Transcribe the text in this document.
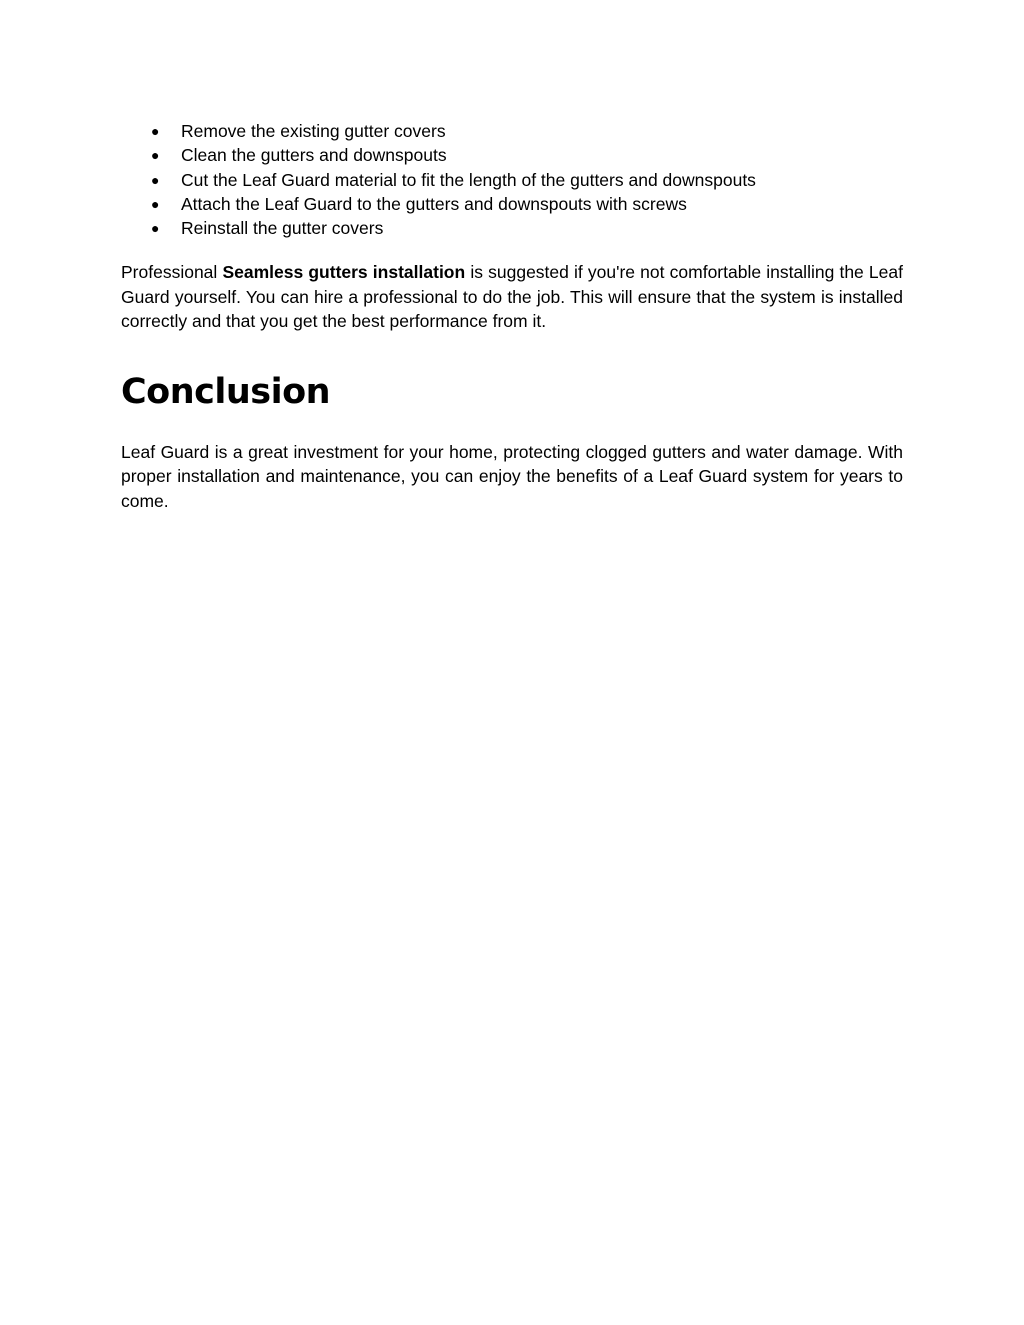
● Remove the existing gutter covers
● Clean the gutters and downspouts
● Cut the Leaf Guard material to fit the length of the gutters and downspouts
● Attach the Leaf Guard to the gutters and downspouts with screws
● Reinstall the gutter covers

Professional Seamless gutters installation is suggested if you're not comfortable installing the Leaf Guard yourself. You can hire a professional to do the job. This will ensure that the system is installed correctly and that you get the best performance from it.

Conclusion

Leaf Guard is a great investment for your home, protecting clogged gutters and water damage. With proper installation and maintenance, you can enjoy the benefits of a Leaf Guard system for years to come.
